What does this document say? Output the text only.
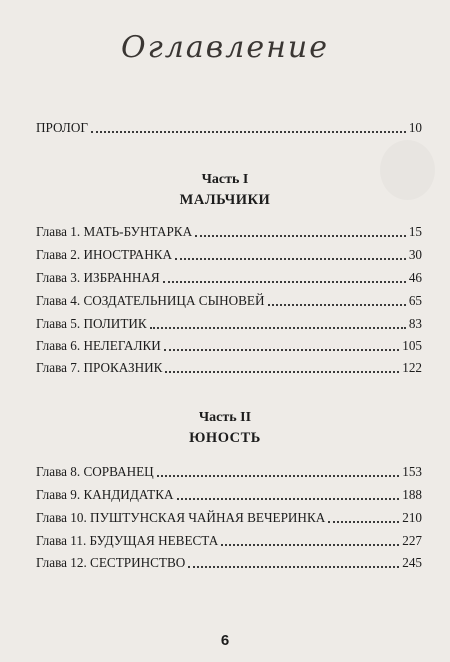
Оглавление
ПРОЛОГ	10
Часть I
МАЛЬЧИКИ
Глава 1. МАТЬ-БУНТАРКА	15
Глава 2. ИНОСТРАНКА	30
Глава 3. ИЗБРАННАЯ	46
Глава 4. СОЗДАТЕЛЬНИЦА СЫНОВЕЙ	65
Глава 5. ПОЛИТИК	83
Глава 6. НЕЛЕГАЛКИ	105
Глава 7. ПРОКАЗНИК	122
Часть II
ЮНОСТЬ
Глава 8. СОРВАНЕЦ	153
Глава 9. КАНДИДАТКА	188
Глава 10. ПУШТУНСКАЯ ЧАЙНАЯ ВЕЧЕРИНКА	210
Глава 11. БУДУЩАЯ НЕВЕСТА	227
Глава 12. СЕСТРИНСТВО	245
6
